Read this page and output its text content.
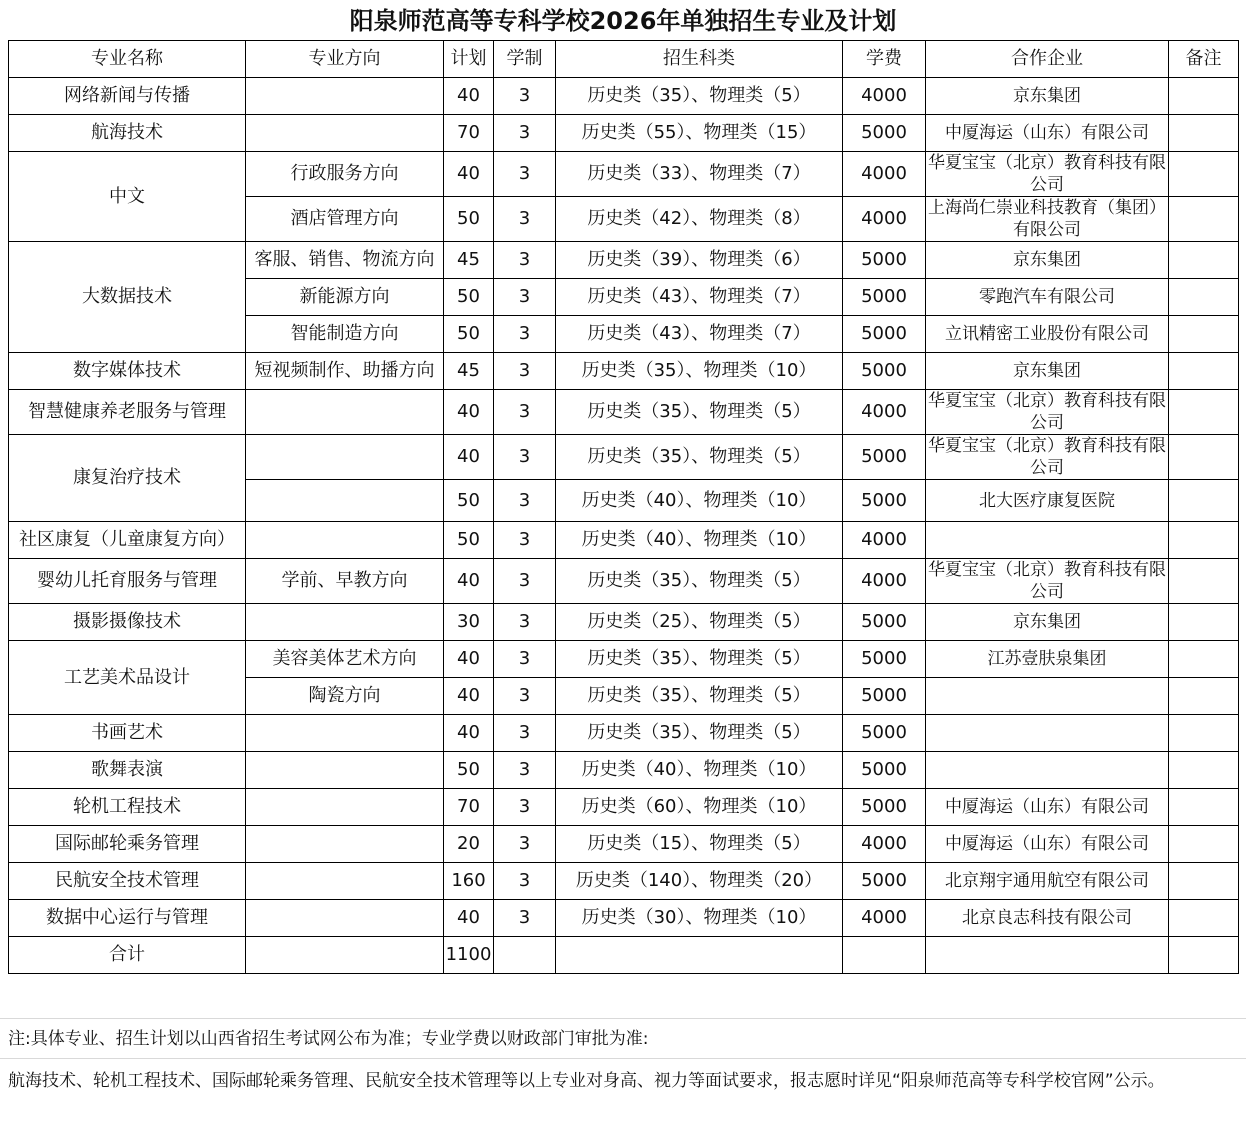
阳泉师范高等专科学校2026年单独招生专业及计划
专业名称	专业方向	计划	学制	招生科类	学费	合作企业	备注
网络新闻与传播		40	3	历史类（35）、物理类（5）	4000	京东集团	
航海技术		70	3	历史类（55）、物理类（15）	5000	中厦海运（山东）有限公司	
中文	行政服务方向	40	3	历史类（33）、物理类（7）	4000	华夏宝宝（北京）教育科技有限公司	
	酒店管理方向	50	3	历史类（42）、物理类（8）	4000	上海尚仁崇业科技教育（集团）有限公司	
大数据技术	客服、销售、物流方向	45	3	历史类（39）、物理类（6）	5000	京东集团	
	新能源方向	50	3	历史类（43）、物理类（7）	5000	零跑汽车有限公司	
	智能制造方向	50	3	历史类（43）、物理类（7）	5000	立讯精密工业股份有限公司	
数字媒体技术	短视频制作、助播方向	45	3	历史类（35）、物理类（10）	5000	京东集团	
智慧健康养老服务与管理		40	3	历史类（35）、物理类（5）	4000	华夏宝宝（北京）教育科技有限公司	
康复治疗技术		40	3	历史类（35）、物理类（5）	5000	华夏宝宝（北京）教育科技有限公司	
		50	3	历史类（40）、物理类（10）	5000	北大医疗康复医院	
社区康复（儿童康复方向）		50	3	历史类（40）、物理类（10）	4000		
婴幼儿托育服务与管理	学前、早教方向	40	3	历史类（35）、物理类（5）	4000	华夏宝宝（北京）教育科技有限公司	
摄影摄像技术		30	3	历史类（25）、物理类（5）	5000	京东集团	
工艺美术品设计	美容美体艺术方向	40	3	历史类（35）、物理类（5）	5000	江苏壹肤泉集团	
	陶瓷方向	40	3	历史类（35）、物理类（5）	5000		
书画艺术		40	3	历史类（35）、物理类（5）	5000		
歌舞表演		50	3	历史类（40）、物理类（10）	5000		
轮机工程技术		70	3	历史类（60）、物理类（10）	5000	中厦海运（山东）有限公司	
国际邮轮乘务管理		20	3	历史类（15）、物理类（5）	4000	中厦海运（山东）有限公司	
民航安全技术管理		160	3	历史类（140）、物理类（20）	5000	北京翔宇通用航空有限公司	
数据中心运行与管理		40	3	历史类（30）、物理类（10）	4000	北京良志科技有限公司	
合计		1100					
注:具体专业、招生计划以山西省招生考试网公布为准；专业学费以财政部门审批为准:
航海技术、轮机工程技术、国际邮轮乘务管理、民航安全技术管理等以上专业对身高、视力等面试要求，报志愿时详见“阳泉师范高等专科学校官网”公示。
